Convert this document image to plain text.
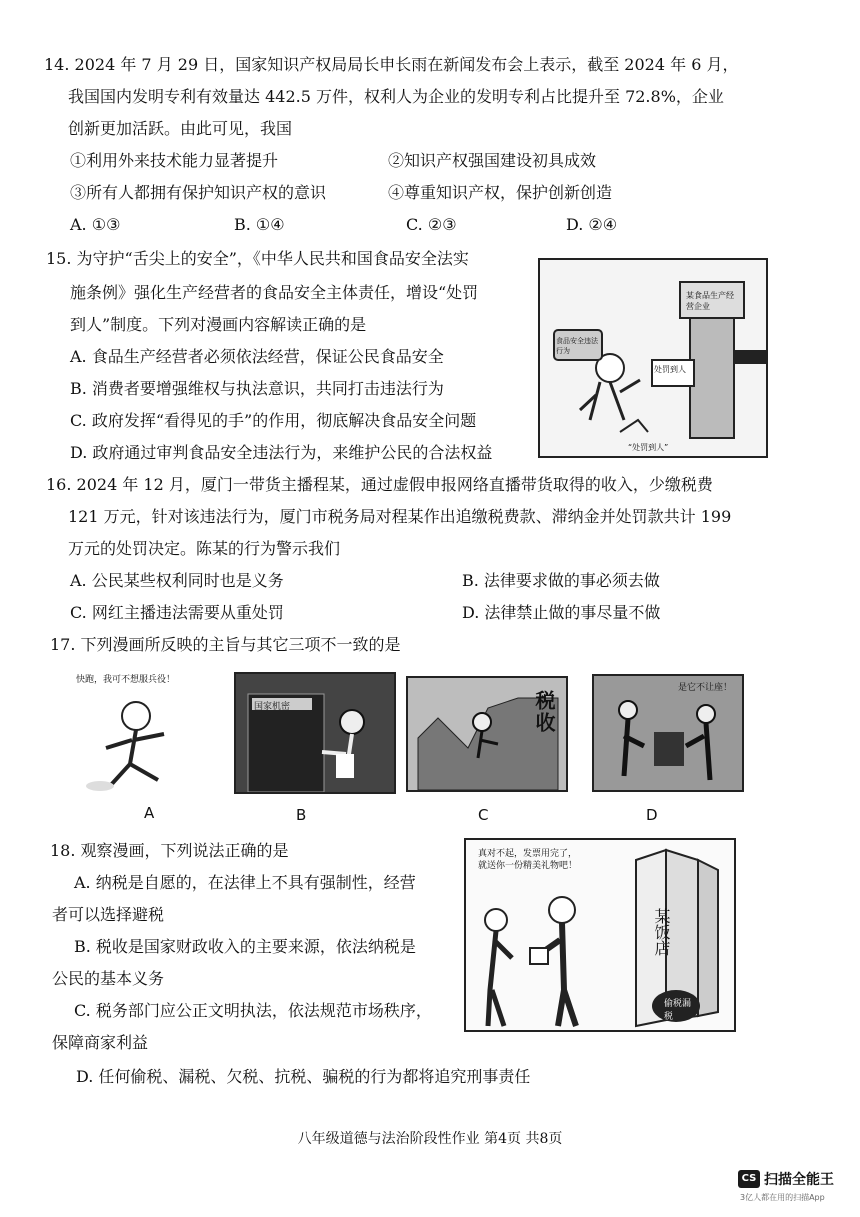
14. 2024 年 7 月 29 日，国家知识产权局局长申长雨在新闻发布会上表示，截至 2024 年 6 月，
我国国内发明专利有效量达 442.5 万件，权利人为企业的发明专利占比提升至 72.8%，企业
创新更加活跃。由此可见，我国
①利用外来技术能力显著提升	②知识产权强国建设初具成效
③所有人都拥有保护知识产权的意识	④尊重知识产权，保护创新创造
A. ①③	B. ①④	C. ②③	D. ②④
15. 为守护“舌尖上的安全”，《中华人民共和国食品安全法实
施条例》强化生产经营者的食品安全主体责任，增设“处罚
到人”制度。下列对漫画内容解读正确的是
A. 食品生产经营者必须依法经营，保证公民食品安全
B. 消费者要增强维权与执法意识，共同打击违法行为
C. 政府发挥“看得见的手”的作用，彻底解决食品安全问题
D. 政府通过审判食品安全违法行为，来维护公民的合法权益
某食品生产经营企业
食品安全违法行为
处罚到人
“处罚到人”
16. 2024 年 12 月，厦门一带货主播程某，通过虚假申报网络直播带货取得的收入，少缴税费
121 万元，针对该违法行为，厦门市税务局对程某作出追缴税费款、滞纳金并处罚款共计 199
万元的处罚决定。陈某的行为警示我们
A. 公民某些权利同时也是义务	B. 法律要求做的事必须去做
C. 网红主播违法需要从重处罚	D. 法律禁止做的事尽量不做
17. 下列漫画所反映的主旨与其它三项不一致的是
快跑，我可不想服兵役！
国家机密	税收
是它不让座！
A	B	C	D
18. 观察漫画，下列说法正确的是
A. 纳税是自愿的，在法律上不具有强制性，经营
者可以选择避税
B. 税收是国家财政收入的主要来源，依法纳税是
公民的基本义务
C. 税务部门应公正文明执法，依法规范市场秩序，
保障商家利益
D. 任何偷税、漏税、欠税、抗税、骗税的行为都将追究刑事责任
真对不起，发票用完了，
就送你一份精美礼物吧！
某饭店
偷税漏税
八年级道德与法治阶段性作业 第4页 共8页
CS 扫描全能王
3亿人都在用的扫描App
